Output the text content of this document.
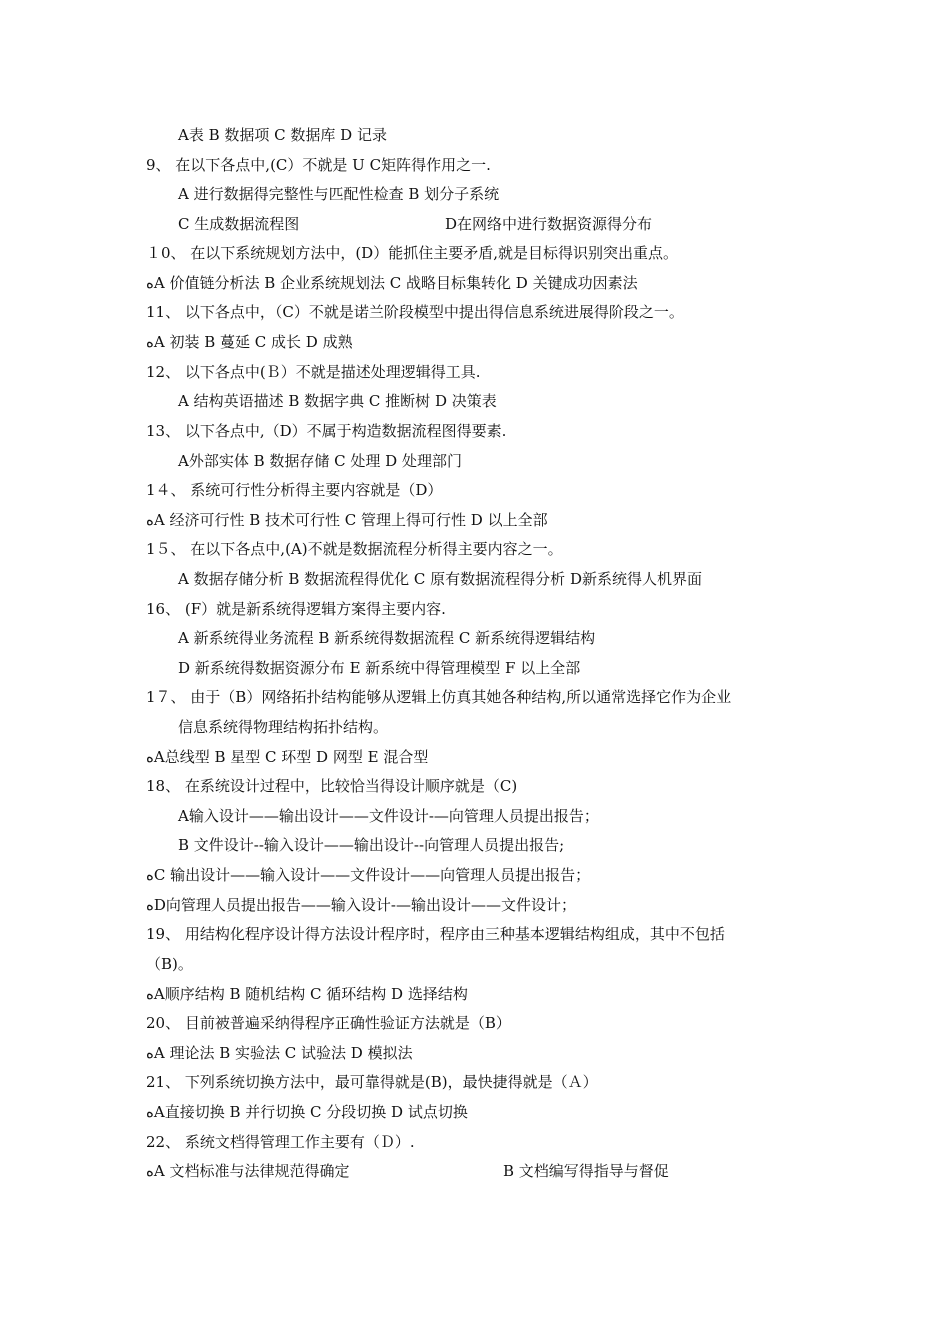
A表 B 数据项 C 数据库 D 记录
9、 在以下各点中,(C）不就是 U C矩阵得作用之一.
A 进行数据得完整性与匹配性检查 B 划分子系统
C 生成数据流程图	D在网络中进行数据资源得分布
１0、 在以下系统规划方法中，(D）能抓住主要矛盾,就是目标得识别突出重点。
ﻩA 价值链分析法 B 企业系统规划法 C 战略目标集转化 D 关键成功因素法
11、 以下各点中，（C）不就是诺兰阶段模型中提出得信息系统进展得阶段之一。
ﻩA 初装 B 蔓延 C 成长 D 成熟
12、 以下各点中(Ｂ）不就是描述处理逻辑得工具.
A 结构英语描述 B 数据字典 C 推断树 D 决策表
13、 以下各点中,（D）不属于构造数据流程图得要素.
A外部实体 B 数据存储 C 处理 D 处理部门
1４、 系统可行性分析得主要内容就是（D）
ﻩA 经济可行性 B 技术可行性 C 管理上得可行性 D 以上全部
1５、 在以下各点中,(A)不就是数据流程分析得主要内容之一。
A 数据存储分析 B 数据流程得优化 C 原有数据流程得分析 D新系统得人机界面
16、 (F）就是新系统得逻辑方案得主要内容.
A 新系统得业务流程 B 新系统得数据流程 C 新系统得逻辑结构
D 新系统得数据资源分布 E 新系统中得管理模型 F 以上全部
1７、 由于（B）网络拓扑结构能够从逻辑上仿真其她各种结构,所以通常选择它作为企业
信息系统得物理结构拓扑结构。
ﻩA总线型 B 星型 C 环型 D 网型 E 混合型
18、 在系统设计过程中，比较恰当得设计顺序就是（C)
A输入设计——输出设计——文件设计-—向管理人员提出报告；
B 文件设计--输入设计——输出设计--向管理人员提出报告;
ﻩC 输出设计——输入设计——文件设计——向管理人员提出报告；
ﻩD向管理人员提出报告——输入设计-—输出设计——文件设计；
19、 用结构化程序设计得方法设计程序时，程序由三种基本逻辑结构组成，其中不包括
（B)。
ﻩA顺序结构 B 随机结构 C 循环结构 D 选择结构
20、 目前被普遍采纳得程序正确性验证方法就是（B）
ﻩA 理论法 B 实验法 C 试验法 D 模拟法
21、 下列系统切换方法中，最可靠得就是(B)，最快捷得就是（Ａ）
ﻩA直接切换 B 并行切换 C 分段切换 D 试点切换
22、 系统文档得管理工作主要有（Ｄ）.
ﻩA 文档标准与法律规范得确定	B 文档编写得指导与督促
